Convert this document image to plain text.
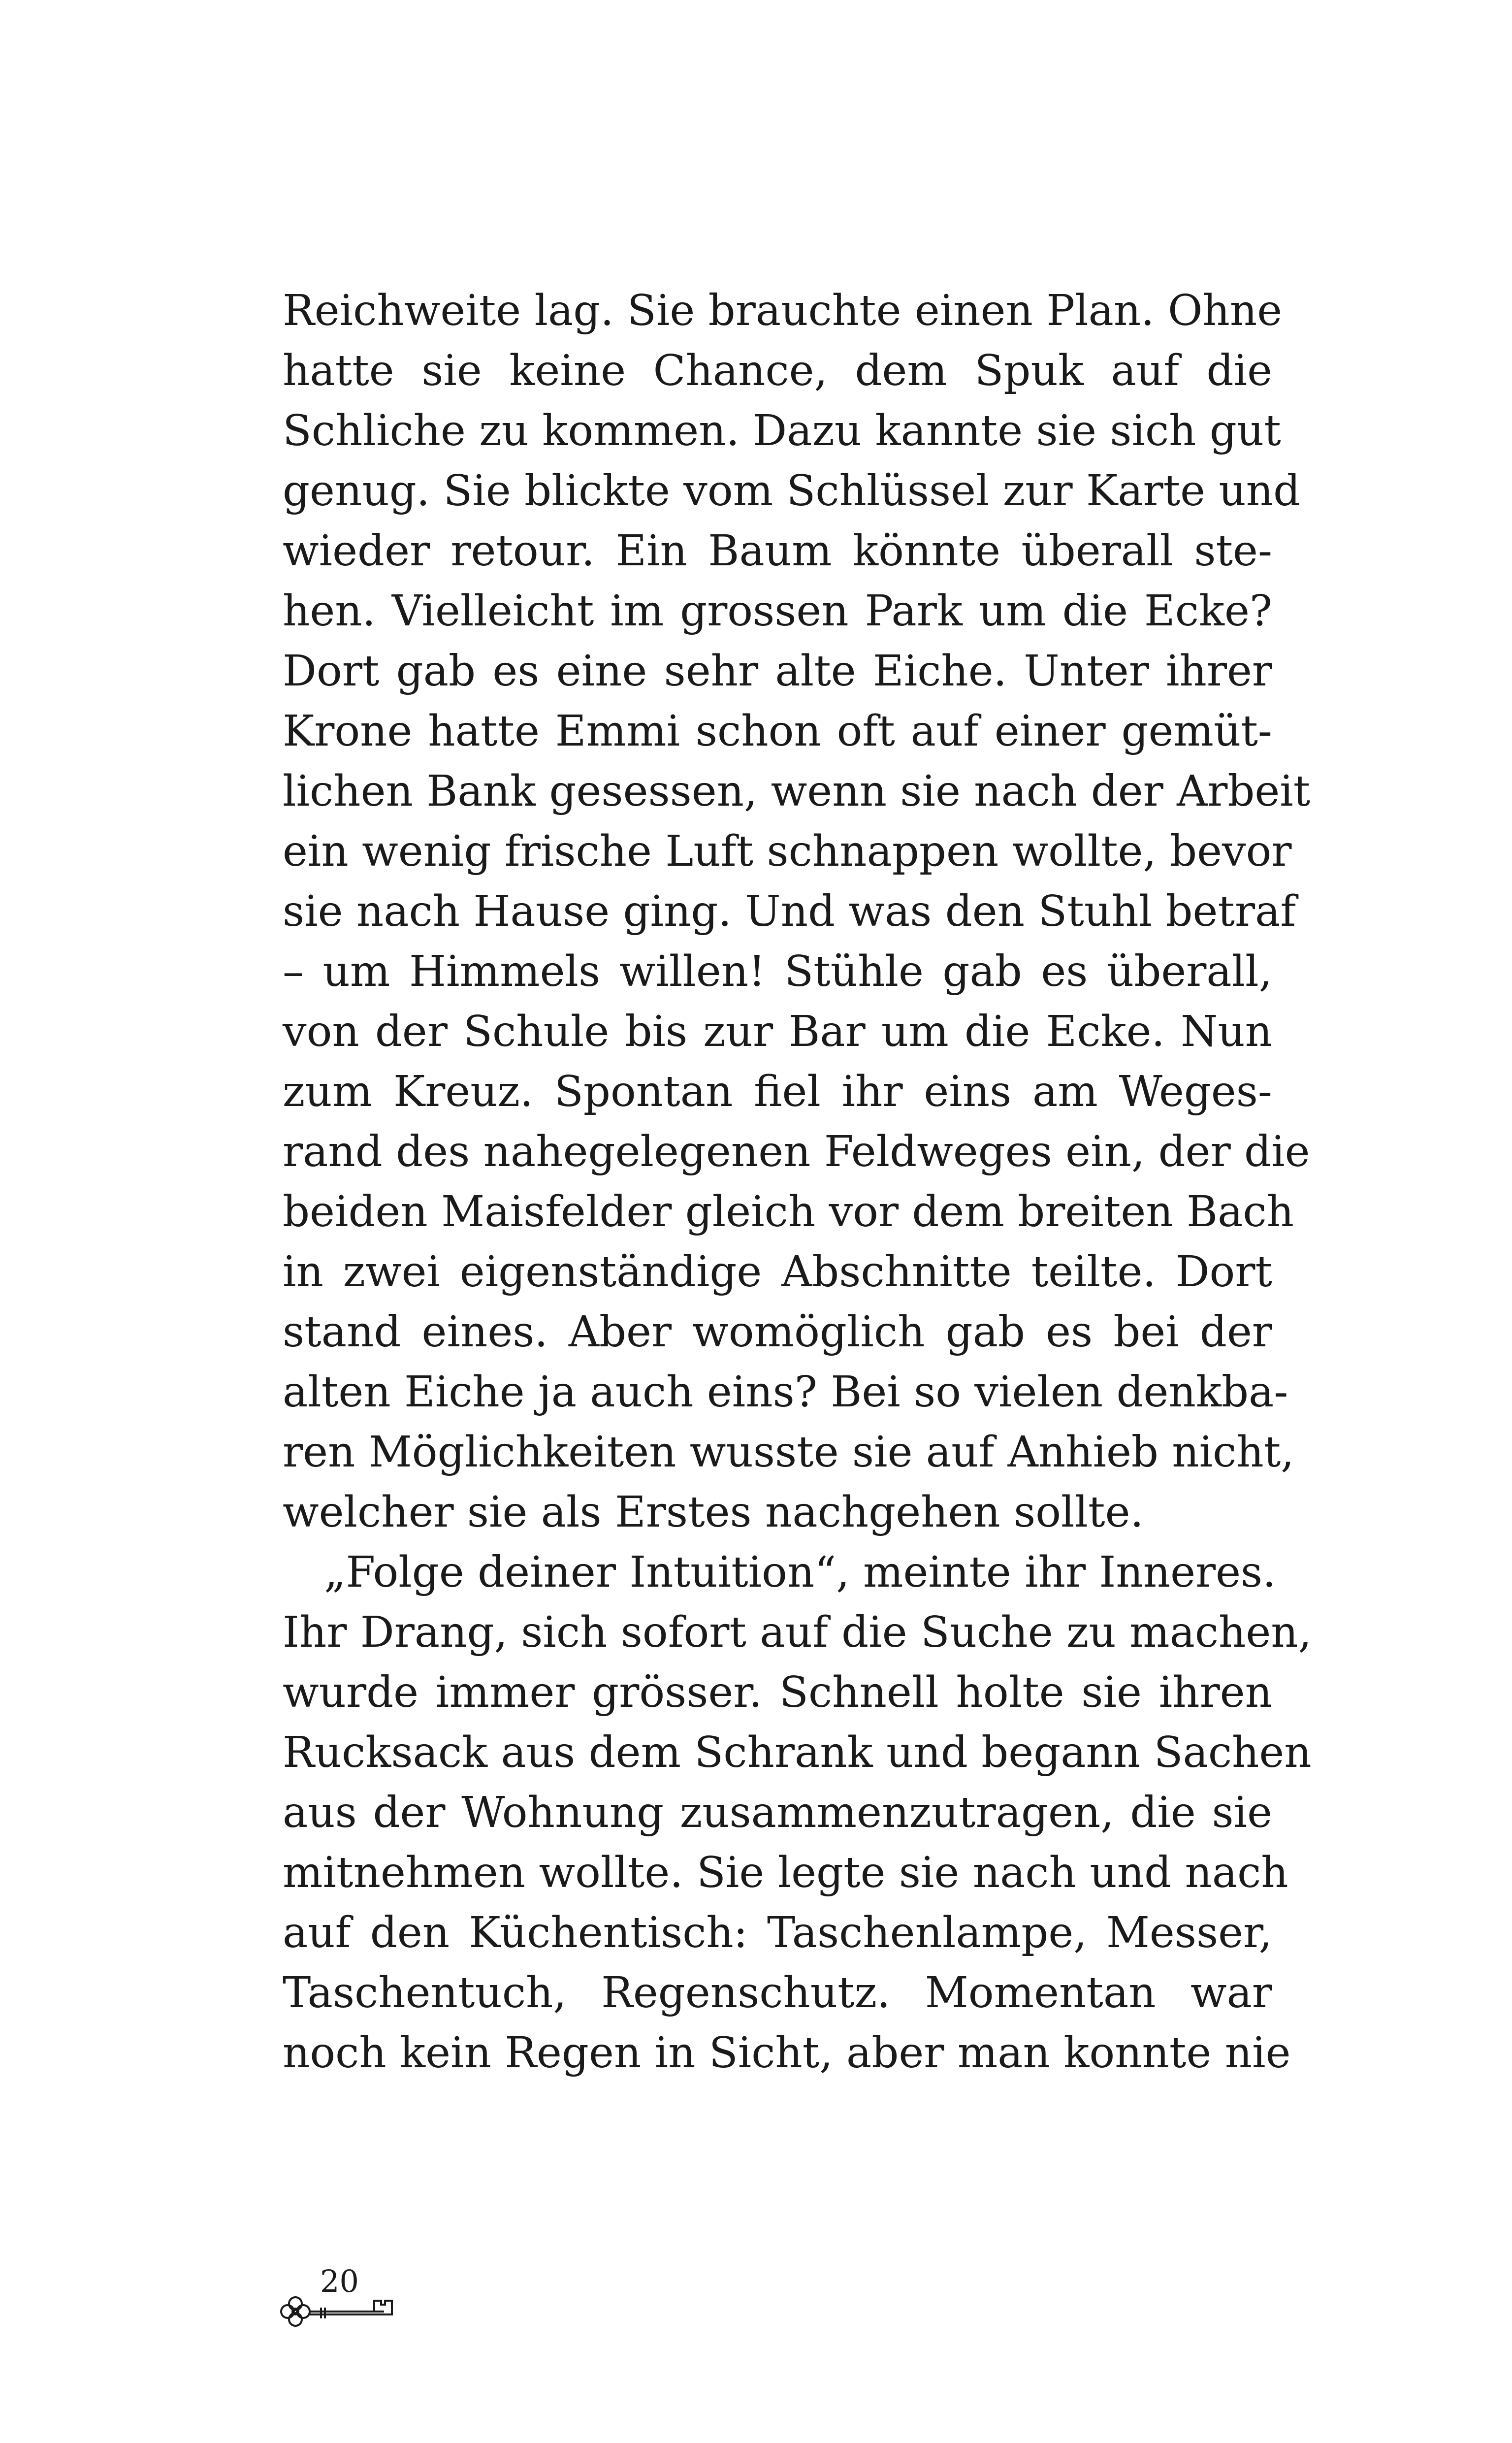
Reichweite lag. Sie brauchte einen Plan. Ohne
hatte sie keine Chance, dem Spuk auf die
Schliche zu kommen. Dazu kannte sie sich gut
genug. Sie blickte vom Schlüssel zur Karte und
wieder retour. Ein Baum könnte überall ste-
hen. Vielleicht im grossen Park um die Ecke?
Dort gab es eine sehr alte Eiche. Unter ihrer
Krone hatte Emmi schon oft auf einer gemüt-
lichen Bank gesessen, wenn sie nach der Arbeit
ein wenig frische Luft schnappen wollte, bevor
sie nach Hause ging. Und was den Stuhl betraf
– um Himmels willen! Stühle gab es überall,
von der Schule bis zur Bar um die Ecke. Nun
zum Kreuz. Spontan fiel ihr eins am Weges-
rand des nahegelegenen Feldweges ein, der die
beiden Maisfelder gleich vor dem breiten Bach
in zwei eigenständige Abschnitte teilte. Dort
stand eines. Aber womöglich gab es bei der
alten Eiche ja auch eins? Bei so vielen denkba-
ren Möglichkeiten wusste sie auf Anhieb nicht,
welcher sie als Erstes nachgehen sollte.
„Folge deiner Intuition“, meinte ihr Inneres.
Ihr Drang, sich sofort auf die Suche zu machen,
wurde immer grösser. Schnell holte sie ihren
Rucksack aus dem Schrank und begann Sachen
aus der Wohnung zusammenzutragen, die sie
mitnehmen wollte. Sie legte sie nach und nach
auf den Küchentisch: Taschenlampe, Messer,
Taschentuch, Regenschutz. Momentan war
noch kein Regen in Sicht, aber man konnte nie
20
